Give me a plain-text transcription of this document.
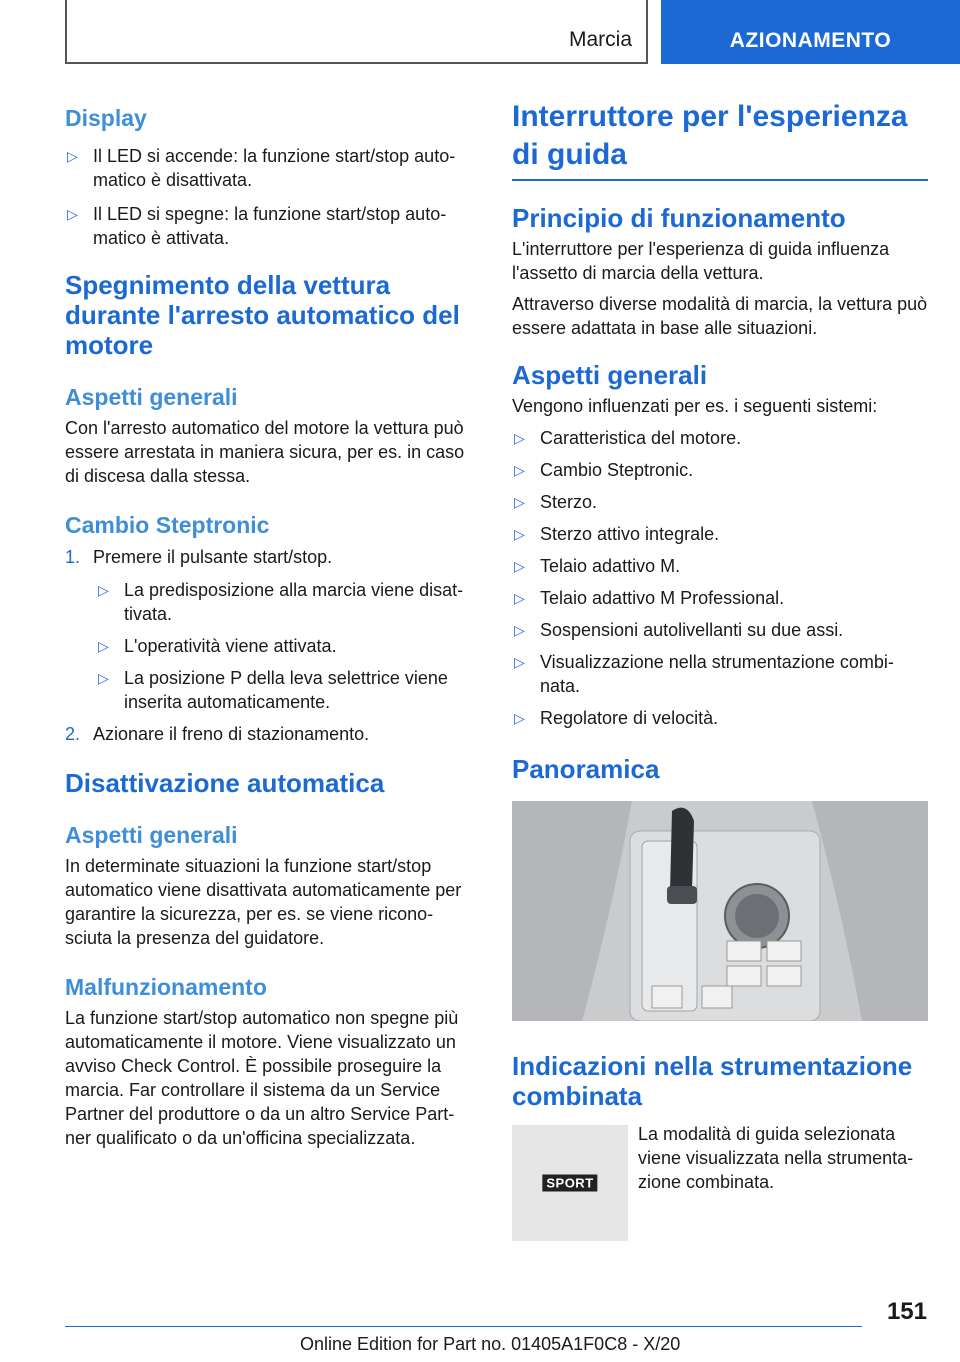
Marcia	AZIONAMENTO
Display

▷ Il LED si accende: la funzione start/stop auto-matico è disattivata.

▷ Il LED si spegne: la funzione start/stop auto-matico è attivata.

Spegnimento della vettura durante l'arresto automatico del motore
Aspetti generali

Con l'arresto automatico del motore la vettura può essere arrestata in maniera sicura, per es. in caso di discesa dalla stessa.

Cambio Steptronic

1. Premere il pulsante start/stop.

▷ La predisposizione alla marcia viene disat-tivata.

▷ L'operatività viene attivata.

▷ La posizione P della leva selettrice viene inserita automaticamente.

2. Azionare il freno di stazionamento.

Disattivazione automatica
Aspetti generali

In determinate situazioni la funzione start/stop automatico viene disattivata automaticamente per garantire la sicurezza, per es. se viene ricono-sciuta la presenza del guidatore.

Malfunzionamento

La funzione start/stop automatico non spegne più automaticamente il motore. Viene visualizzato un avviso Check Control. È possibile proseguire la marcia. Far controllare il sistema da un Service Partner del produttore o da un altro Service Part-ner qualificato o da un'officina specializzata.

Interruttore per l'esperienza di guida
Principio di funzionamento

L'interruttore per l'esperienza di guida influenza l'assetto di marcia della vettura.

Attraverso diverse modalità di marcia, la vettura può essere adattata in base alle situazioni.

Aspetti generali

Vengono influenzati per es. i seguenti sistemi:

▷ Caratteristica del motore.

▷ Cambio Steptronic.

▷ Sterzo.

▷ Sterzo attivo integrale.

▷ Telaio adattivo M.

▷ Telaio adattivo M Professional.

▷ Sospensioni autolivellanti su due assi.

▷ Visualizzazione nella strumentazione combi-nata.

▷ Regolatore di velocità.

Panoramica
Indicazioni nella strumentazione combinata
SPORT

La modalità di guida selezionata viene visualizzata nella strumenta-zione combinata.

151
Online Edition for Part no. 01405A1F0C8 - X/20
